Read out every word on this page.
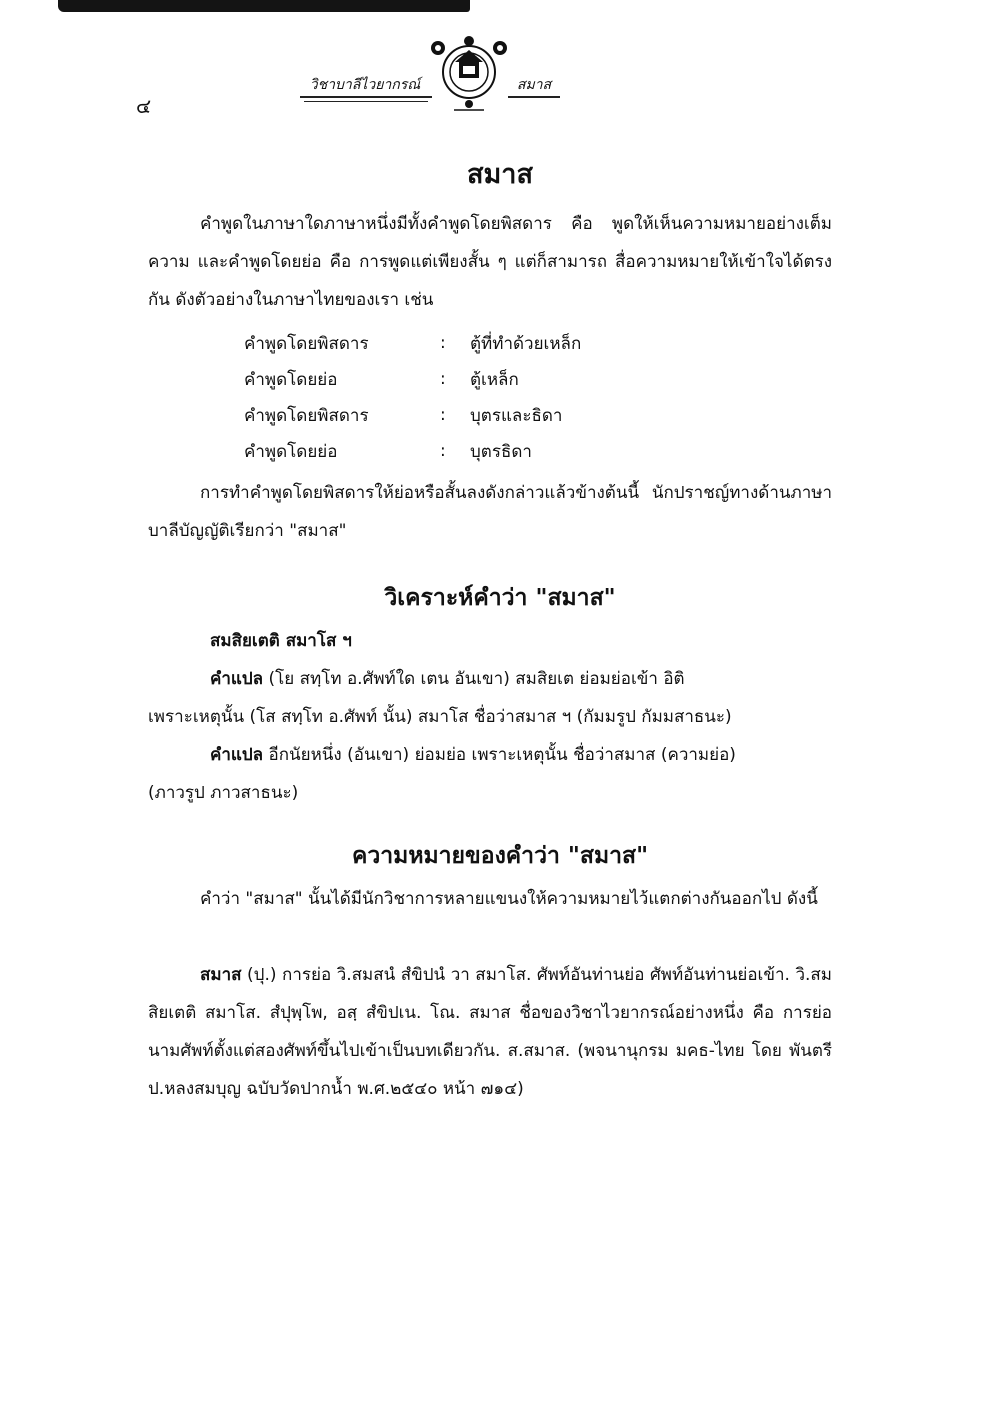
๔
วิชาบาลีไวยากรณ์	สมาส
สมาส

คำพูดในภาษาใดภาษาหนึ่งมีทั้งคำพูดโดยพิสดาร คือ พูดให้เห็นความหมายอย่างเต็มความ และคำพูดโดยย่อ คือ การพูดแต่เพียงสั้น ๆ แต่ก็สามารถ สื่อความหมายให้เข้าใจได้ตรงกัน ดังตัวอย่างในภาษาไทยของเรา เช่น

คำพูดโดยพิสดาร	:	ตู้ที่ทำด้วยเหล็ก
คำพูดโดยย่อ	:	ตู้เหล็ก
คำพูดโดยพิสดาร	:	บุตรและธิดา
คำพูดโดยย่อ	:	บุตรธิดา

การทำคำพูดโดยพิสดารให้ย่อหรือสั้นลงดังกล่าวแล้วข้างต้นนี้ นักปราชญ์ทางด้านภาษาบาลีบัญญัติเรียกว่า "สมาส"

วิเคราะห์คำว่า "สมาส"
สมสิยเตติ สมาโส ฯ
คำแปล (โย สทฺโท อ.ศัพท์ใด เตน อันเขา) สมสิยเต ย่อมย่อเข้า อิติ
เพราะเหตุนั้น (โส สทฺโท อ.ศัพท์ นั้น) สมาโส ชื่อว่าสมาส ฯ (กัมมรูป กัมมสาธนะ)
คำแปล อีกนัยหนึ่ง (อันเขา) ย่อมย่อ เพราะเหตุนั้น ชื่อว่าสมาส (ความย่อ)
(ภาวรูป ภาวสาธนะ)
ความหมายของคำว่า "สมาส"

คำว่า "สมาส" นั้นได้มีนักวิชาการหลายแขนงให้ความหมายไว้แตกต่างกันออกไป ดังนี้

สมาส (ปุ.) การย่อ วิ.สมสนํ สํขิปนํ วา สมาโส. ศัพท์อันท่านย่อ ศัพท์อันท่านย่อเข้า. วิ.สมสิยเตติ สมาโส. สํปุพฺโพ, อสฺ สํขิปเน. โณ. สมาส ชื่อของวิชาไวยากรณ์อย่างหนึ่ง คือ การย่อนามศัพท์ตั้งแต่สองศัพท์ขึ้นไปเข้าเป็นบทเดียวกัน. ส.สมาส. (พจนานุกรม มคธ-ไทย โดย พันตรี ป.หลงสมบุญ ฉบับวัดปากน้ำ พ.ศ.๒๕๔๐ หน้า ๗๑๔)
